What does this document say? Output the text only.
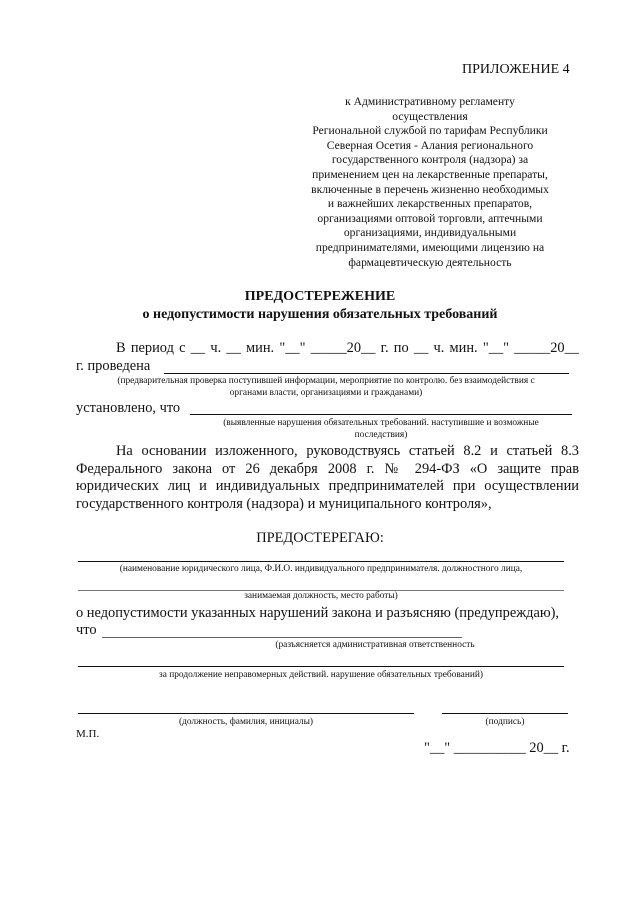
ПРИЛОЖЕНИЕ 4
к Административному регламенту
осуществления
Региональной службой по тарифам Республики
Северная Осетия - Алания регионального
государственного контроля (надзора) за
применением цен на лекарственные препараты,
включенные в перечень жизненно необходимых
и важнейших лекарственных препаратов,
организациями оптовой торговли, аптечными
организациями, индивидуальными
предпринимателями, имеющими лицензию на
фармацевтическую деятельность
ПРЕДОСТЕРЕЖЕНИЕ
о недопустимости нарушения обязательных требований
В период с __ ч. __ мин. "__" _____20__ г. по __ ч. мин. "__" _____20__
г. проведена
(предварительная проверка поступившей информации, мероприятие по контролю. без взаимодействия с
органами власти, организациями и гражданами)
установлено, что
(выявленные нарушения обязательных требований. наступившие и возможные
последствия)
На основании изложенного, руководствуясь статьей 8.2 и статьей 8.3
Федерального закона от 26 декабря 2008 г. № 294-ФЗ «О защите прав
юридических лиц и индивидуальных предпринимателей при осуществлении
государственного контроля (надзора) и муниципального контроля»,
ПРЕДОСТЕРЕГАЮ:
(наименование юридического лица, Ф.И.О. индивидуального предпринимателя. должностного лица,
занимаемая должность, место работы)
о недопустимости указанных нарушений закона и разъясняю (предупреждаю),
что
(разъясняется административная ответственность
за продолжение неправомерных действий. нарушение обязательных требований)
(должность, фамилия, инициалы)	(подпись)
М.П.
"__" __________ 20__ г.
